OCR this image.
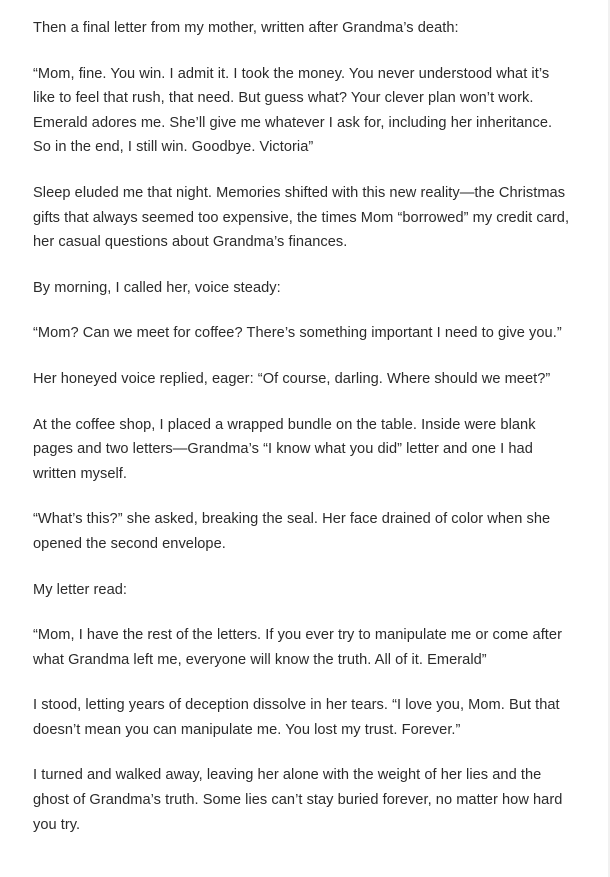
Then a final letter from my mother, written after Grandma’s death:

“Mom, fine. You win. I admit it. I took the money. You never understood what it’s like to feel that rush, that need. But guess what? Your clever plan won’t work. Emerald adores me. She’ll give me whatever I ask for, including her inheritance. So in the end, I still win. Goodbye. Victoria”

Sleep eluded me that night. Memories shifted with this new reality—the Christmas gifts that always seemed too expensive, the times Mom “borrowed” my credit card, her casual questions about Grandma’s finances.

By morning, I called her, voice steady:

“Mom? Can we meet for coffee? There’s something important I need to give you.”

Her honeyed voice replied, eager: “Of course, darling. Where should we meet?”

At the coffee shop, I placed a wrapped bundle on the table. Inside were blank pages and two letters—Grandma’s “I know what you did” letter and one I had written myself.

“What’s this?” she asked, breaking the seal. Her face drained of color when she opened the second envelope.

My letter read:

“Mom, I have the rest of the letters. If you ever try to manipulate me or come after what Grandma left me, everyone will know the truth. All of it. Emerald”

I stood, letting years of deception dissolve in her tears. “I love you, Mom. But that doesn’t mean you can manipulate me. You lost my trust. Forever.”

I turned and walked away, leaving her alone with the weight of her lies and the ghost of Grandma’s truth. Some lies can’t stay buried forever, no matter how hard you try.
